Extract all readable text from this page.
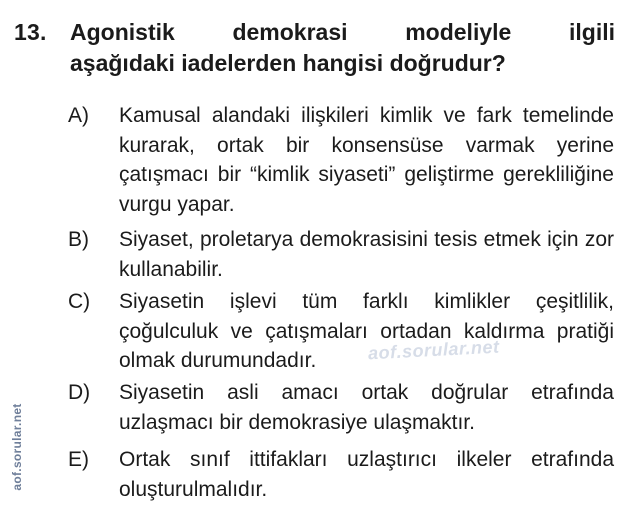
13. Agonistik demokrasi modeliyle ilgili
aşağıdaki iadelerden hangisi doğrudur?
A)	Kamusal alandaki ilişkileri kimlik ve fark temelinde kurarak, ortak bir konsensüse varmak yerine çatışmacı bir “kimlik siyaseti” geliştirme gerekliliğine vurgu yapar.
B)	Siyaset, proletarya demokrasisini tesis etmek için zor kullanabilir.
C)	Siyasetin işlevi tüm farklı kimlikler çeşitlilik, çoğulculuk ve çatışmaları ortadan kaldırma pratiği olmak durumundadır.
D)	Siyasetin asli amacı ortak doğrular etrafında uzlaşmacı bir demokrasiye ulaşmaktır.
E)	Ortak sınıf ittifakları uzlaştırıcı ilkeler etrafında oluşturulmalıdır.
aof.sorular.net
aof.sorular.net
